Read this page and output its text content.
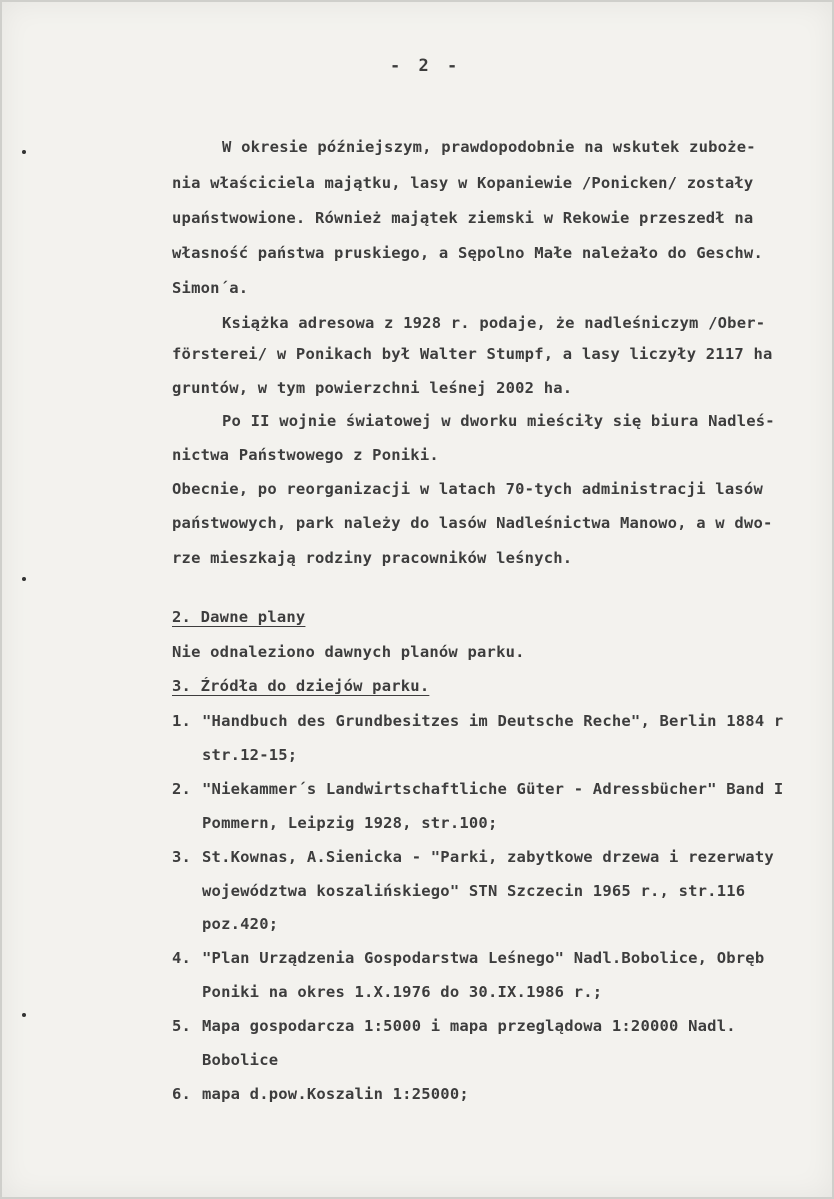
- 2 -
W okresie późniejszym, prawdopodobnie na wskutek zuboże-
nia właściciela majątku, lasy w Kopaniewie /Ponicken/ zostały
upaństwowione. Również majątek ziemski w Rekowie przeszedł na
własność państwa pruskiego, a Sępolno Małe należało do Geschw.
Simon´a.
Książka adresowa z 1928 r. podaje, że nadleśniczym /Ober-
försterei/ w Ponikach był Walter Stumpf, a lasy liczyły 2117 ha
gruntów, w tym powierzchni leśnej 2002 ha.
Po II wojnie światowej w dworku mieściły się biura Nadleś-
nictwa Państwowego z Poniki.
Obecnie, po reorganizacji w latach 70-tych administracji lasów
państwowych, park należy do lasów Nadleśnictwa Manowo, a w dwo-
rze mieszkają rodziny pracowników leśnych.
2. Dawne plany
Nie odnaleziono dawnych planów parku.
3. Źródła do dziejów parku.
1. "Handbuch des Grundbesitzes im Deutsche Reche", Berlin 1884 r
str.12-15;
2. "Niekammer´s Landwirtschaftliche Güter - Adressbücher" Band I
Pommern, Leipzig 1928, str.100;
3. St.Kownas, A.Sienicka - "Parki, zabytkowe drzewa i rezerwaty
województwa koszalińskiego" STN Szczecin 1965 r., str.116
poz.420;
4. "Plan Urządzenia Gospodarstwa Leśnego" Nadl.Bobolice, Obręb
Poniki na okres 1.X.1976 do 30.IX.1986 r.;
5. Mapa gospodarcza 1:5000 i mapa przeglądowa 1:20000 Nadl.
Bobolice
6. mapa d.pow.Koszalin 1:25000;
